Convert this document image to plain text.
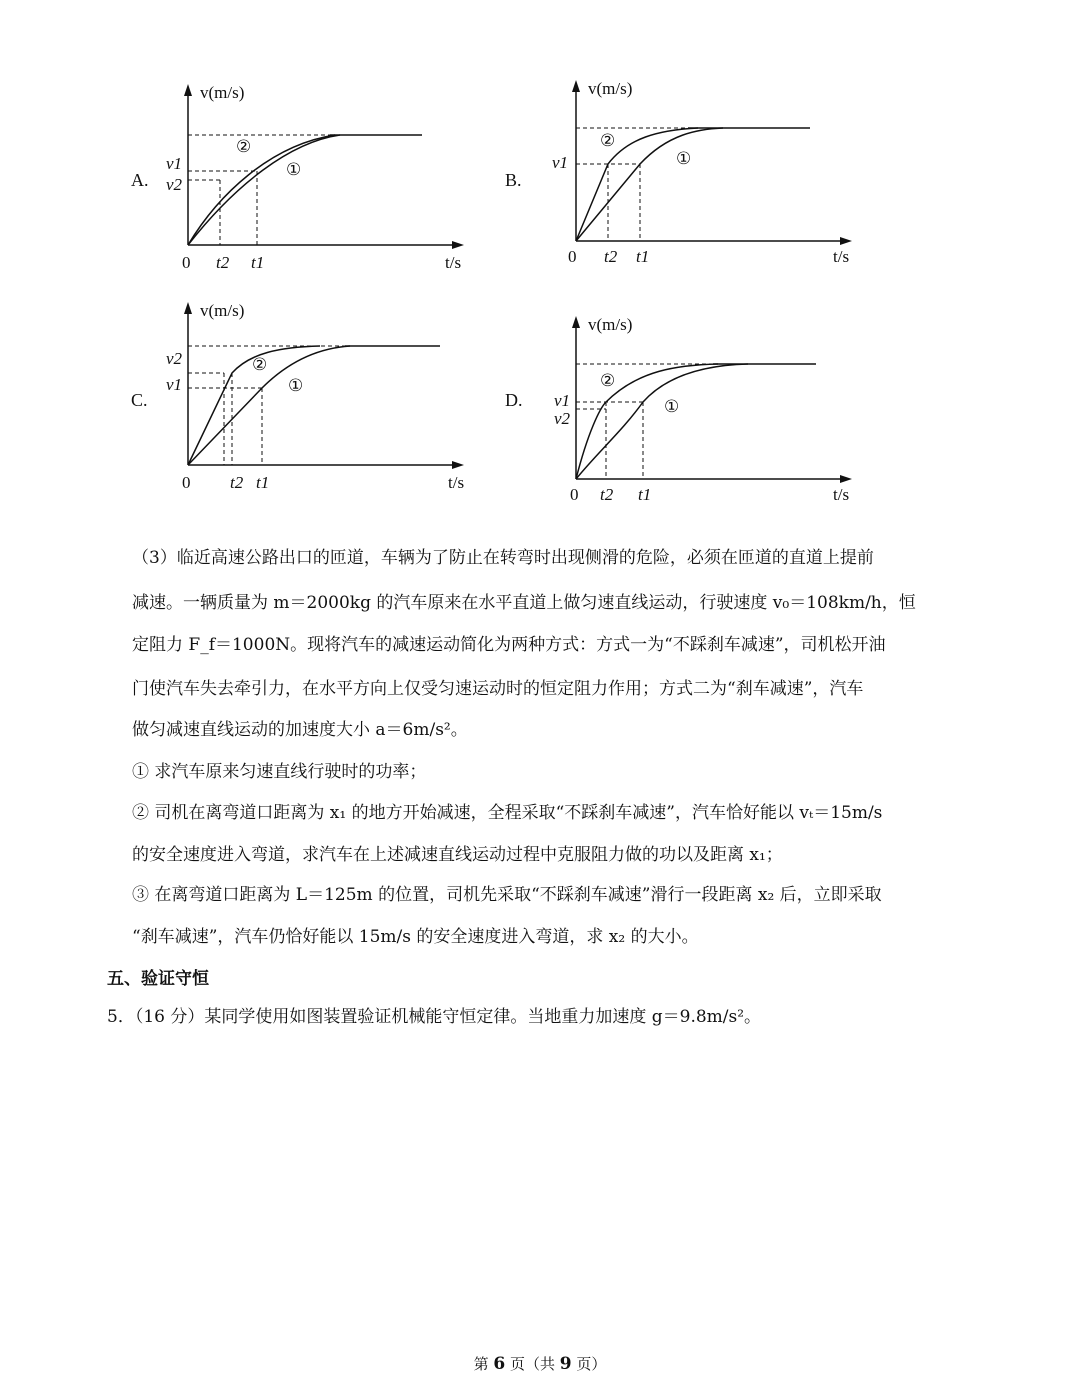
A.
v(m/s)
t/s
0
v1
v2
t2 t1
②
①
B.
v(m/s)
t/s
0
v1
t2 t1
②
①
C.
v(m/s)
t/s
0
v2
v1
t2 t1
②
①
D.
v(m/s)
t/s
0
v1
v2
t2 t1
②
①
（3）临近高速公路出口的匝道，车辆为了防止在转弯时出现侧滑的危险，必须在匝道的直道上提前
减速。一辆质量为 m＝2000kg 的汽车原来在水平直道上做匀速直线运动，行驶速度 v₀＝108km/h，恒
定阻力 F_f＝1000N。现将汽车的减速运动简化为两种方式：方式一为“不踩刹车减速”，司机松开油
门使汽车失去牵引力，在水平方向上仅受匀速运动时的恒定阻力作用；方式二为“刹车减速”，汽车
做匀减速直线运动的加速度大小 a＝6m/s²。
① 求汽车原来匀速直线行驶时的功率；
② 司机在离弯道口距离为 x₁ 的地方开始减速，全程采取“不踩刹车减速”，汽车恰好能以 vₜ＝15m/s
的安全速度进入弯道，求汽车在上述减速直线运动过程中克服阻力做的功以及距离 x₁；
③ 在离弯道口距离为 L＝125m 的位置，司机先采取“不踩刹车减速”滑行一段距离 x₂ 后，立即采取
“刹车减速”，汽车仍恰好能以 15m/s 的安全速度进入弯道，求 x₂ 的大小。
五、验证守恒
5．（16 分）某同学使用如图装置验证机械能守恒定律。当地重力加速度 g＝9.8m/s²。
第 6 页（共 9 页）
